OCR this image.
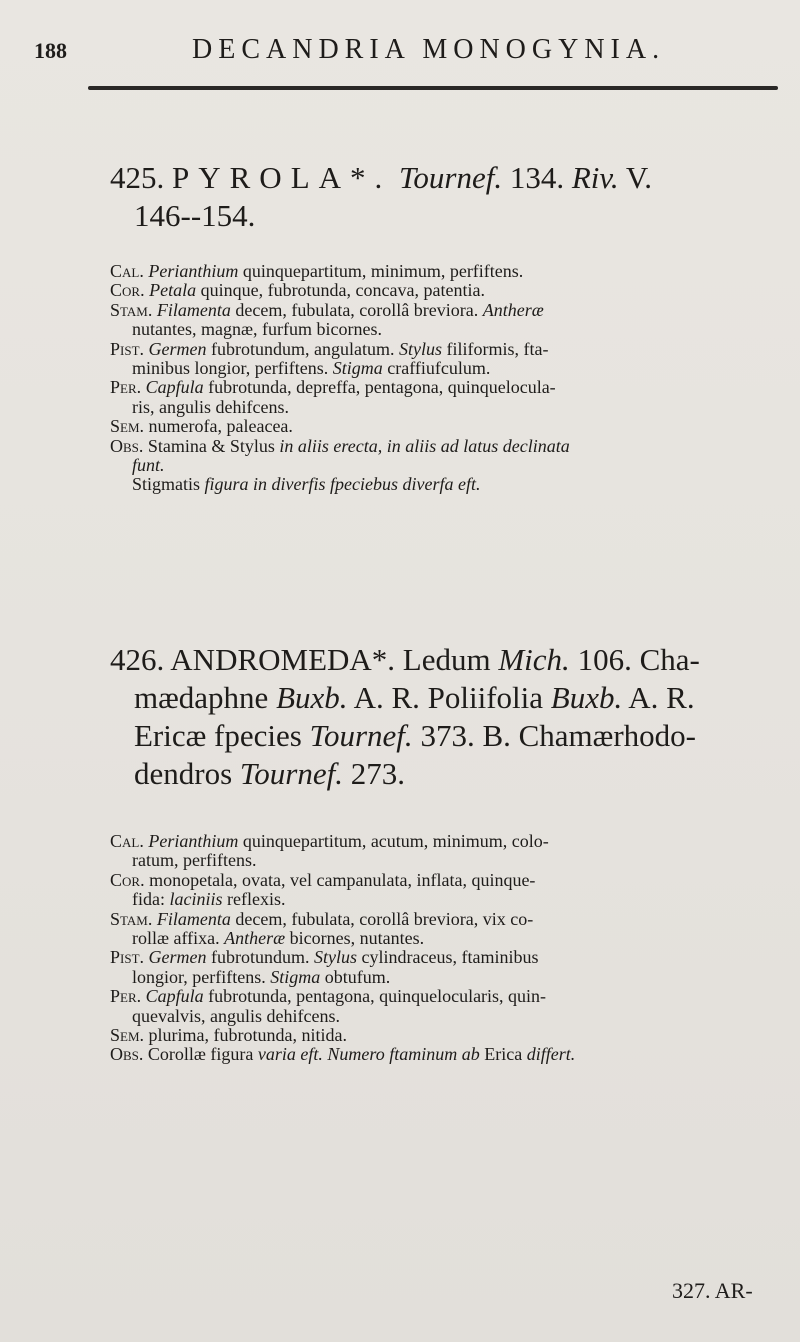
188	DECANDRIA MONOGYNIA.
425. PYROLA*. Tournef. 134. Riv. V.
146--154.

Cal. Perianthium quinquepartitum, minimum, perfiftens.

Cor. Petala quinque, fubrotunda, concava, patentia.

Stam. Filamenta decem, fubulata, corollâ breviora. Antheræ

nutantes, magnæ, furfum bicornes.

Pist. Germen fubrotundum, angulatum. Stylus filiformis, fta-

minibus longior, perfiftens. Stigma craffiufculum.

Per. Capfula fubrotunda, depreffa, pentagona, quinquelocula-

ris, angulis dehifcens.

Sem. numerofa, paleacea.

Obs. Stamina & Stylus in aliis erecta, in aliis ad latus declinata

funt.

Stigmatis figura in diverfis fpeciebus diverfa eft.

426. ANDROMEDA*. Ledum Mich. 106. Cha-
mædaphne Buxb. A. R. Poliifolia Buxb. A. R.
Ericæ fpecies Tournef. 373. B. Chamærhodo-
dendros Tournef. 273.

Cal. Perianthium quinquepartitum, acutum, minimum, colo-

ratum, perfiftens.

Cor. monopetala, ovata, vel campanulata, inflata, quinque-

fida: laciniis reflexis.

Stam. Filamenta decem, fubulata, corollâ breviora, vix co-

rollæ affixa. Antheræ bicornes, nutantes.

Pist. Germen fubrotundum. Stylus cylindraceus, ftaminibus

longior, perfiftens. Stigma obtufum.

Per. Capfula fubrotunda, pentagona, quinquelocularis, quin-

quevalvis, angulis dehifcens.

Sem. plurima, fubrotunda, nitida.

Obs. Corollæ figura varia eft. Numero ftaminum ab Erica differt.

327. AR-
